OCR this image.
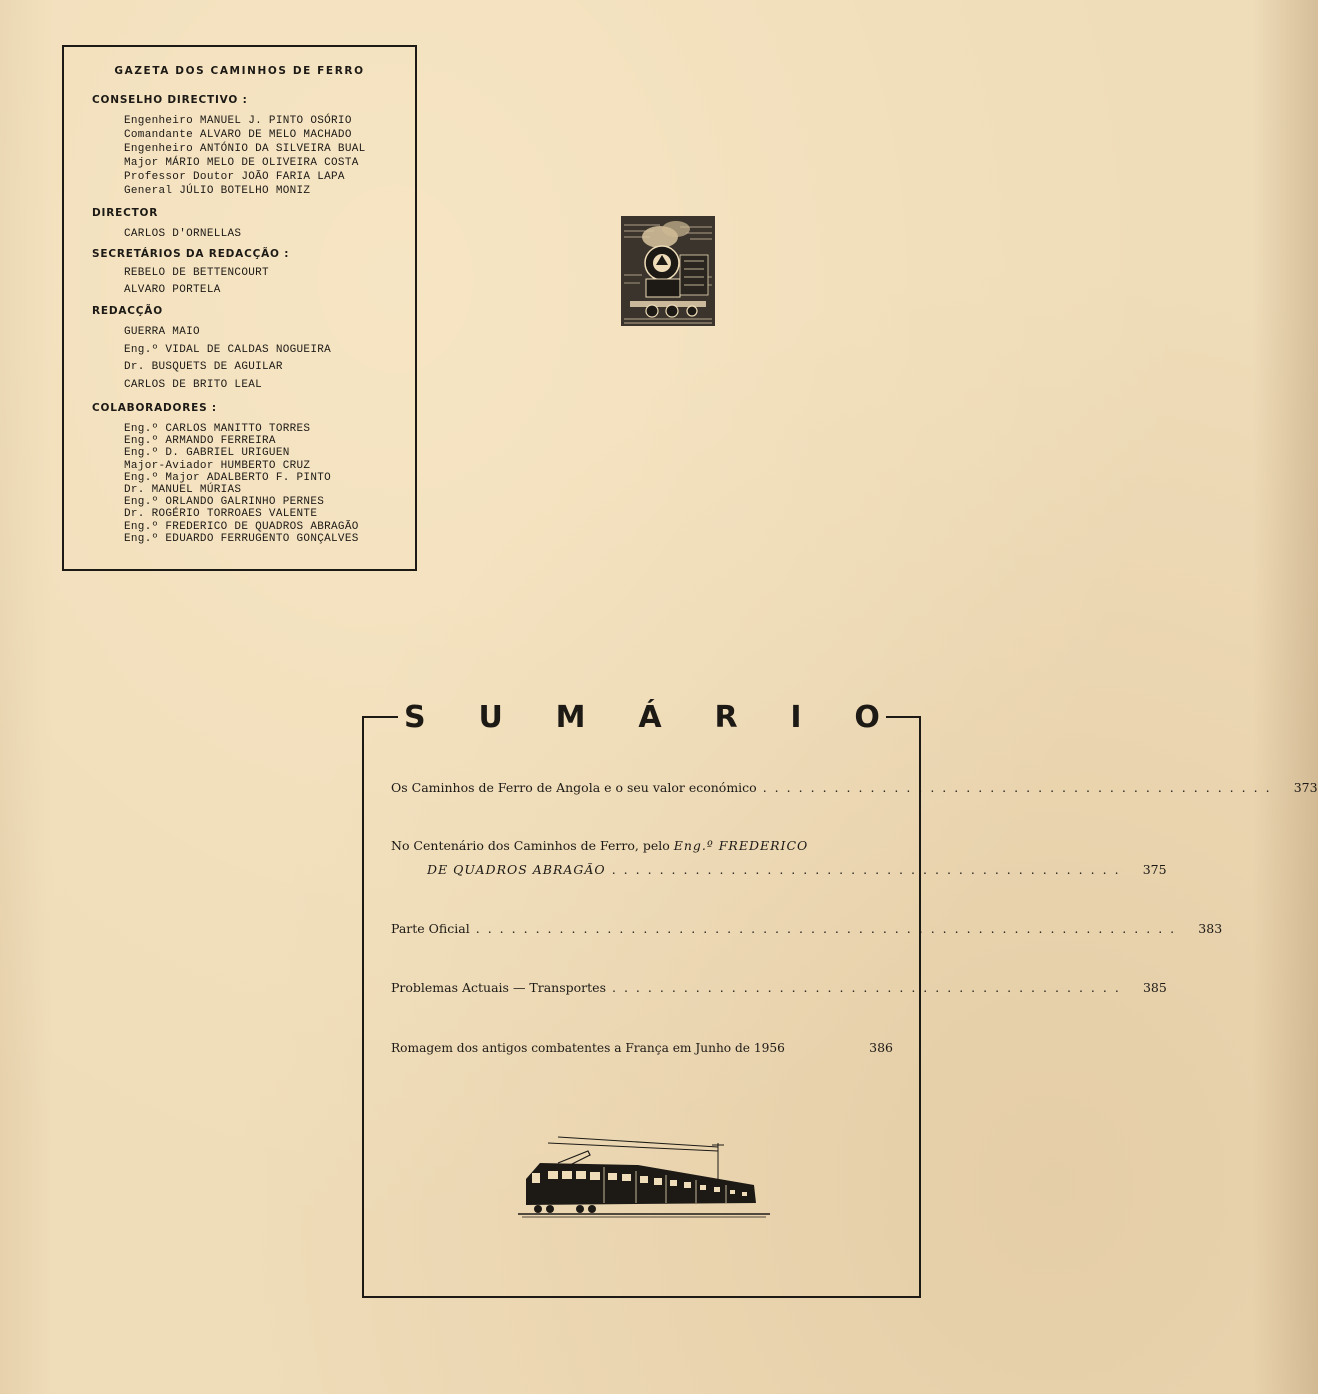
GAZETA DOS CAMINHOS DE FERRO
CONSELHO DIRECTIVO :
Engenheiro MANUEL J. PINTO OSÓRIO
Comandante ALVARO DE MELO MACHADO
Engenheiro ANTÓNIO DA SILVEIRA BUAL
Major MÁRIO MELO DE OLIVEIRA COSTA
Professor Doutor JOÃO FARIA LAPA
General JÚLIO BOTELHO MONIZ
DIRECTOR
CARLOS D'ORNELLAS
SECRETÁRIOS DA REDACÇÃO :
REBELO DE BETTENCOURT
ALVARO PORTELA
REDACÇÃO
GUERRA MAIO
Eng.º VIDAL DE CALDAS NOGUEIRA
Dr. BUSQUETS DE AGUILAR
CARLOS DE BRITO LEAL
COLABORADORES :
Eng.º CARLOS MANITTO TORRES
Eng.º ARMANDO FERREIRA
Eng.º D. GABRIEL URIGUEN
Major-Aviador HUMBERTO CRUZ
Eng.º Major ADALBERTO F. PINTO
Dr. MANUEL MÚRIAS
Eng.º ORLANDO GALRINHO PERNES
Dr. ROGÉRIO TORROAES VALENTE
Eng.º FREDERICO DE QUADROS ABRAGÃO
Eng.º EDUARDO FERRUGENTO GONÇALVES
S U M Á R I O
Os Caminhos de Ferro de Angola e o seu valor económico ...........................................	373
No Centenário dos Caminhos de Ferro, pelo Eng.º FREDERICO
DE QUADROS ABRAGÃO ...........................................	375
Parte Oficial ...........................................................	383
Problemas Actuais — Transportes ...........................................	385
Romagem dos antigos combatentes a França em Junho de 1956	386
